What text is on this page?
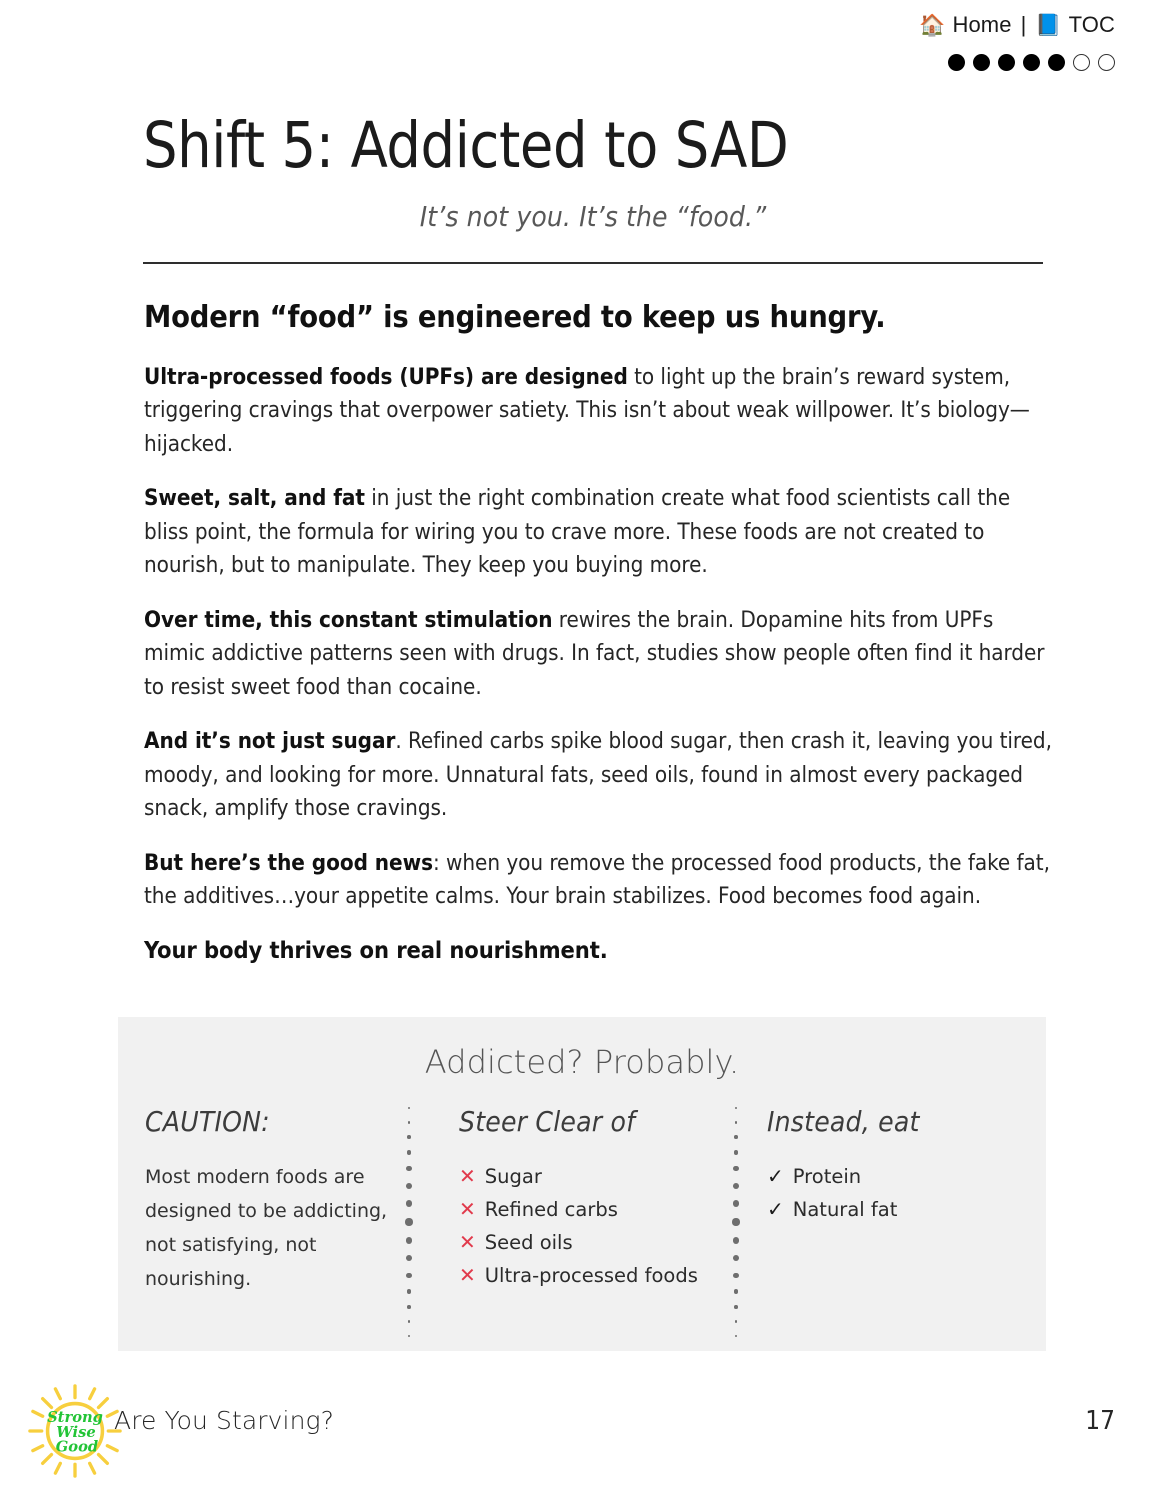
🏠 Home | 📘 TOC
Shift 5: Addicted to SAD
It’s not you. It’s the “food.”
Modern “food” is engineered to keep us hungry.

Ultra-processed foods (UPFs) are designed to light up the brain’s reward system, triggering cravings that overpower satiety. This isn’t about weak willpower. It’s biology—hijacked.

Sweet, salt, and fat in just the right combination create what food scientists call the bliss point, the formula for wiring you to crave more. These foods are not created to nourish, but to manipulate. They keep you buying more.

Over time, this constant stimulation rewires the brain. Dopamine hits from UPFs mimic addictive patterns seen with drugs. In fact, studies show people often find it harder to resist sweet food than cocaine.

And it’s not just sugar. Refined carbs spike blood sugar, then crash it, leaving you tired, moody, and looking for more. Unnatural fats, seed oils, found in almost every packaged snack, amplify those cravings.

But here’s the good news: when you remove the processed food products, the fake fat, the additives…your appetite calms. Your brain stabilizes. Food becomes food again.

Your body thrives on real nourishment.
Addicted? Probably.
CAUTION:
Most modern foods are designed to be addicting, not satisfying, not nourishing.
Steer Clear of
✕ Sugar
✕ Refined carbs
✕ Seed oils
✕ Ultra-processed foods
Instead, eat
✓ Protein
✓ Natural fat
Strong
Wise
Good
Are You Starving?	17
